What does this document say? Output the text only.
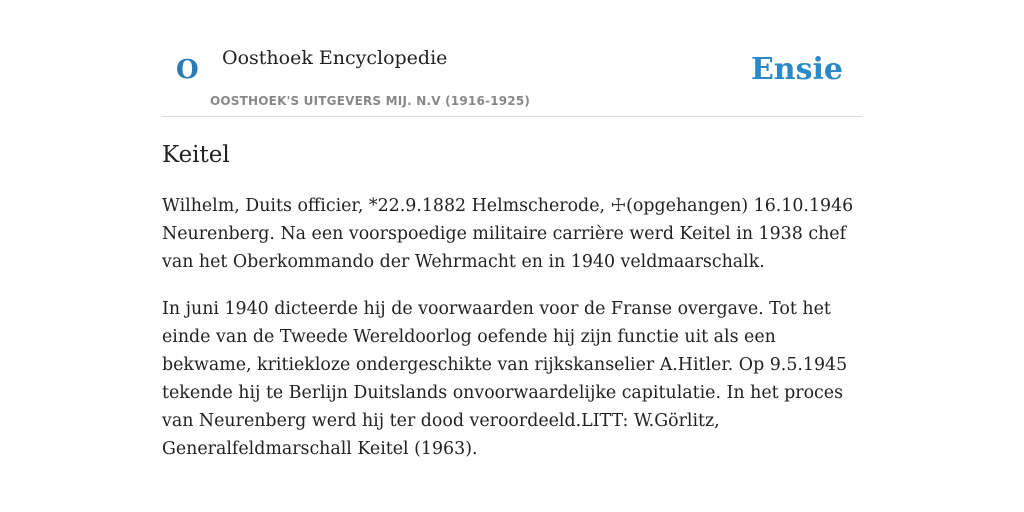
O Oosthoek Encyclopedie
OOSTHOEK'S UITGEVERS MIJ. N.V (1916-1925)
Ensie
Keitel

Wilhelm, Duits officier, *22.9.1882 Helmscherode, ☩(opgehangen) 16.10.1946 Neurenberg. Na een voorspoedige militaire carrière werd Keitel in 1938 chef van het Oberkommando der Wehrmacht en in 1940 veldmaarschalk.

In juni 1940 dicteerde hij de voorwaarden voor de Franse overgave. Tot het einde van de Tweede Wereldoorlog oefende hij zijn functie uit als een bekwame, kritiekloze ondergeschikte van rijkskanselier A.Hitler. Op 9.5.1945 tekende hij te Berlijn Duitslands onvoorwaardelijke capitulatie. In het proces van Neurenberg werd hij ter dood veroordeeld.LITT: W.Görlitz, Generalfeldmarschall Keitel (1963).
